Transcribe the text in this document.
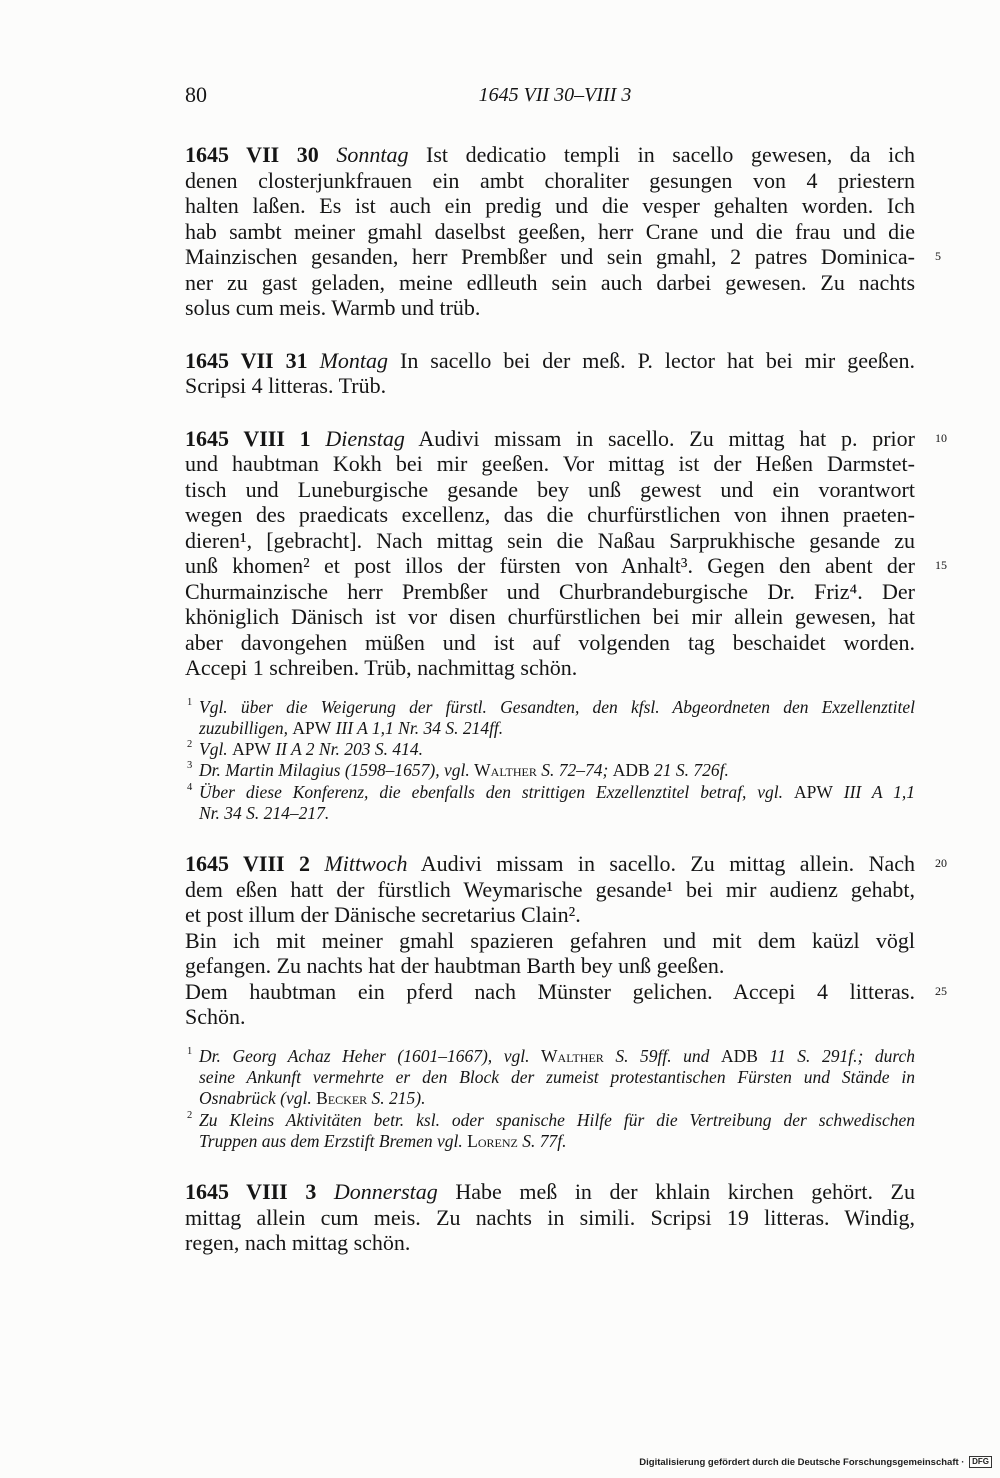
80	1645 VII 30–VIII 3
1645 VII 30 Sonntag Ist dedicatio templi in sacello gewesen, da ich
denen closterjunkfrauen ein ambt choraliter gesungen von 4 priestern
halten laßen. Es ist auch ein predig und die vesper gehalten worden. Ich
hab sambt meiner gmahl daselbst geeßen, herr Crane und die frau und die
Mainzischen gesanden, herr Prembßer und sein gmahl, 2 patres Dominica- 5
ner zu gast geladen, meine edlleuth sein auch darbei gewesen. Zu nachts
solus cum meis. Warmb und trüb.
1645 VII 31 Montag In sacello bei der meß. P. lector hat bei mir geeßen.
Scripsi 4 litteras. Trüb.
1645 VIII 1 Dienstag Audivi missam in sacello. Zu mittag hat p. prior 10
und haubtman Kokh bei mir geeßen. Vor mittag ist der Heßen Darmstet-
tisch und Luneburgische gesande bey unß gewest und ein vorantwort
wegen des praedicats excellenz, das die churfürstlichen von ihnen praeten-
dieren¹, [gebracht]. Nach mittag sein die Naßau Sarprukhische gesande zu
unß khomen² et post illos der fürsten von Anhalt³. Gegen den abent der 15
Churmainzische herr Prembßer und Churbrandeburgische Dr. Friz⁴. Der
khöniglich Dänisch ist vor disen churfürstlichen bei mir allein gewesen, hat
aber davongehen müßen und ist auf volgenden tag beschaidet worden.
Accepi 1 schreiben. Trüb, nachmittag schön.
1 Vgl. über die Weigerung der fürstl. Gesandten, den kfsl. Abgeordneten den Exzellenztitel
zuzubilligen, APW III A 1,1 Nr. 34 S. 214ff.
2 Vgl. APW II A 2 Nr. 203 S. 414.
3 Dr. Martin Milagius (1598–1657), vgl. Walther S. 72–74; ADB 21 S. 726f.
4 Über diese Konferenz, die ebenfalls den strittigen Exzellenztitel betraf, vgl. APW III A 1,1
Nr. 34 S. 214–217.
1645 VIII 2 Mittwoch Audivi missam in sacello. Zu mittag allein. Nach 20
dem eßen hatt der fürstlich Weymarische gesande¹ bei mir audienz gehabt,
et post illum der Dänische secretarius Clain².
Bin ich mit meiner gmahl spazieren gefahren und mit dem kaüzl vögl
gefangen. Zu nachts hat der haubtman Barth bey unß geeßen.
Dem haubtman ein pferd nach Münster gelichen. Accepi 4 litteras. 25
Schön.
1 Dr. Georg Achaz Heher (1601–1667), vgl. Walther S. 59ff. und ADB 11 S. 291f.; durch
seine Ankunft vermehrte er den Block der zumeist protestantischen Fürsten und Stände in
Osnabrück (vgl. Becker S. 215).
2 Zu Kleins Aktivitäten betr. ksl. oder spanische Hilfe für die Vertreibung der schwedischen
Truppen aus dem Erzstift Bremen vgl. Lorenz S. 77f.
1645 VIII 3 Donnerstag Habe meß in der khlain kirchen gehört. Zu
mittag allein cum meis. Zu nachts in simili. Scripsi 19 litteras. Windig,
regen, nach mittag schön.
Digitalisierung gefördert durch die Deutsche Forschungsgemeinschaft · DFG
